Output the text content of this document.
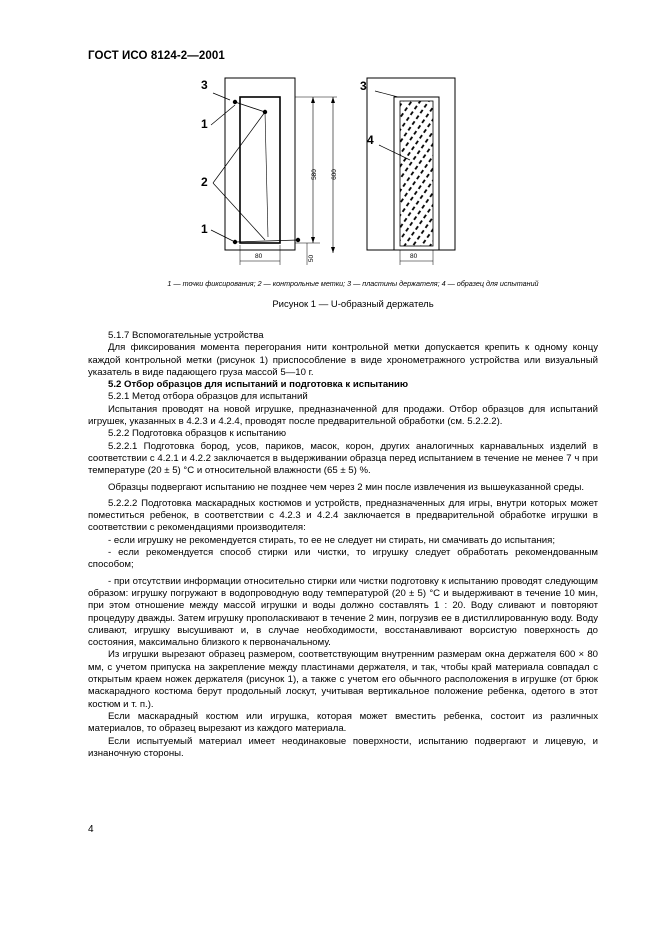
ГОСТ ИСО 8124-2—2001
3
1
2
1
3
4
580 600
80	50	80
1 — точки фиксирования; 2 — контрольные метки; 3 — пластины держателя; 4 — образец для испытаний
Рисунок 1 — U-образный держатель

5.1.7 Вспомогательные устройства

Для фиксирования момента перегорания нити контрольной метки допускается крепить к одному концу каждой контрольной метки (рисунок 1) приспособление в виде хронометражного устройства или визуальный указатель в виде падающего груза массой 5—10 г.

5.2 Отбор образцов для испытаний и подготовка к испытанию

5.2.1 Метод отбора образцов для испытаний

Испытания проводят на новой игрушке, предназначенной для продажи. Отбор образцов для испытаний игрушек, указанных в 4.2.3 и 4.2.4, проводят после предварительной обработки (см. 5.2.2.2).

5.2.2 Подготовка образцов к испытанию

5.2.2.1 Подготовка бород, усов, париков, масок, корон, других аналогичных карнавальных изделий в соответствии с 4.2.1 и 4.2.2 заключается в выдерживании образца перед испытанием в течение не менее 7 ч при температуре (20 ± 5) °С и относительной влажности (65 ± 5) %.

Образцы подвергают испытанию не позднее чем через 2 мин после извлечения из вышеуказанной среды.

5.2.2.2 Подготовка маскарадных костюмов и устройств, предназначенных для игры, внутри которых может поместиться ребенок, в соответствии с 4.2.3 и 4.2.4 заключается в предварительной обработке игрушки в соответствии с рекомендациями производителя:

- если игрушку не рекомендуется стирать, то ее не следует ни стирать, ни смачивать до испытания;

- если рекомендуется способ стирки или чистки, то игрушку следует обработать рекомендованным способом;

- при отсутствии информации относительно стирки или чистки подготовку к испытанию проводят следующим образом: игрушку погружают в водопроводную воду температурой (20 ± 5) °С и выдерживают в течение 10 мин, при этом отношение между массой игрушки и воды должно составлять 1 : 20. Воду сливают и повторяют процедуру дважды. Затем игрушку прополаскивают в течение 2 мин, погрузив ее в дистиллированную воду. Воду сливают, игрушку высушивают и, в случае необходимости, восстанавливают ворсистую поверхность до состояния, максимально близкого к первоначальному.

Из игрушки вырезают образец размером, соответствующим внутренним размерам окна держателя 600 × 80 мм, с учетом припуска на закрепление между пластинами держателя, и так, чтобы край материала совпадал с открытым краем ножек держателя (рисунок 1), а также с учетом его обычного расположения в игрушке (от брюк маскарадного костюма берут продольный лоскут, учитывая вертикальное положение ребенка, одетого в этот костюм и т. п.).

Если маскарадный костюм или игрушка, которая может вместить ребенка, состоит из различных материалов, то образец вырезают из каждого материала.

Если испытуемый материал имеет неодинаковые поверхности, испытанию подвергают и лицевую, и изнаночную стороны.

4
